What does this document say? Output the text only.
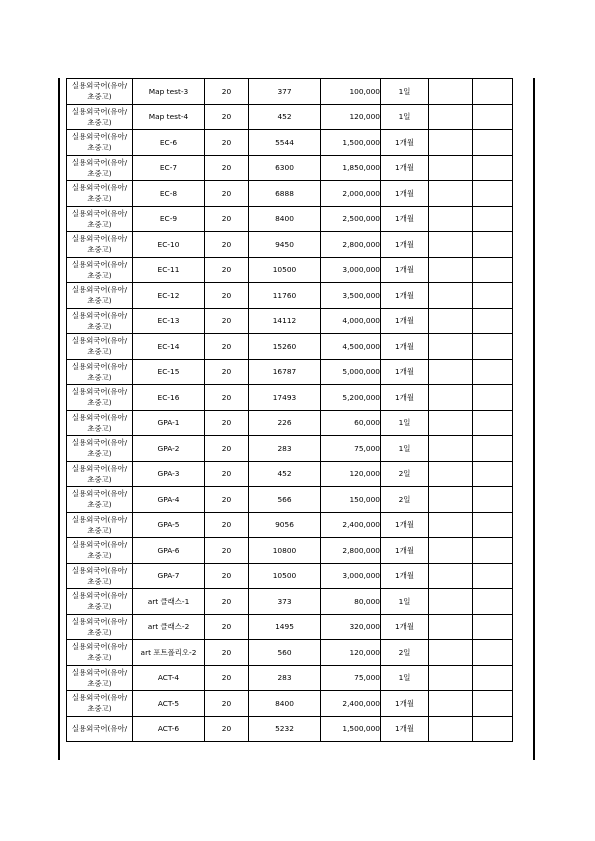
실용외국어(유아/
초중고)	Map test-3	20	377	100,000	1일		

실용외국어(유아/
초중고)	Map test-4	20	452	120,000	1일		

실용외국어(유아/
초중고)	EC-6	20	5544	1,500,000	1개월		

실용외국어(유아/
초중고)	EC-7	20	6300	1,850,000	1개월		

실용외국어(유아/
초중고)	EC-8	20	6888	2,000,000	1개월		

실용외국어(유아/
초중고)	EC-9	20	8400	2,500,000	1개월		

실용외국어(유아/
초중고)	EC-10	20	9450	2,800,000	1개월		

실용외국어(유아/
초중고)	EC-11	20	10500	3,000,000	1개월		

실용외국어(유아/
초중고)	EC-12	20	11760	3,500,000	1개월		

실용외국어(유아/
초중고)	EC-13	20	14112	4,000,000	1개월		

실용외국어(유아/
초중고)	EC-14	20	15260	4,500,000	1개월		

실용외국어(유아/
초중고)	EC-15	20	16787	5,000,000	1개월		

실용외국어(유아/
초중고)	EC-16	20	17493	5,200,000	1개월		

실용외국어(유아/
초중고)	GPA-1	20	226	60,000	1일		

실용외국어(유아/
초중고)	GPA-2	20	283	75,000	1일		

실용외국어(유아/
초중고)	GPA-3	20	452	120,000	2일		

실용외국어(유아/
초중고)	GPA-4	20	566	150,000	2일		

실용외국어(유아/
초중고)	GPA-5	20	9056	2,400,000	1개월		

실용외국어(유아/
초중고)	GPA-6	20	10800	2,800,000	1개월		

실용외국어(유아/
초중고)	GPA-7	20	10500	3,000,000	1개월		

실용외국어(유아/
초중고)	art 클래스-1	20	373	80,000	1일		

실용외국어(유아/
초중고)	art 클래스-2	20	1495	320,000	1개월		

실용외국어(유아/
초중고)	art 포트폴리오-2	20	560	120,000	2일		

실용외국어(유아/
초중고)	ACT-4	20	283	75,000	1일		

실용외국어(유아/
초중고)	ACT-5	20	8400	2,400,000	1개월		

실용외국어(유아/	ACT-6	20	5232	1,500,000	1개월		
